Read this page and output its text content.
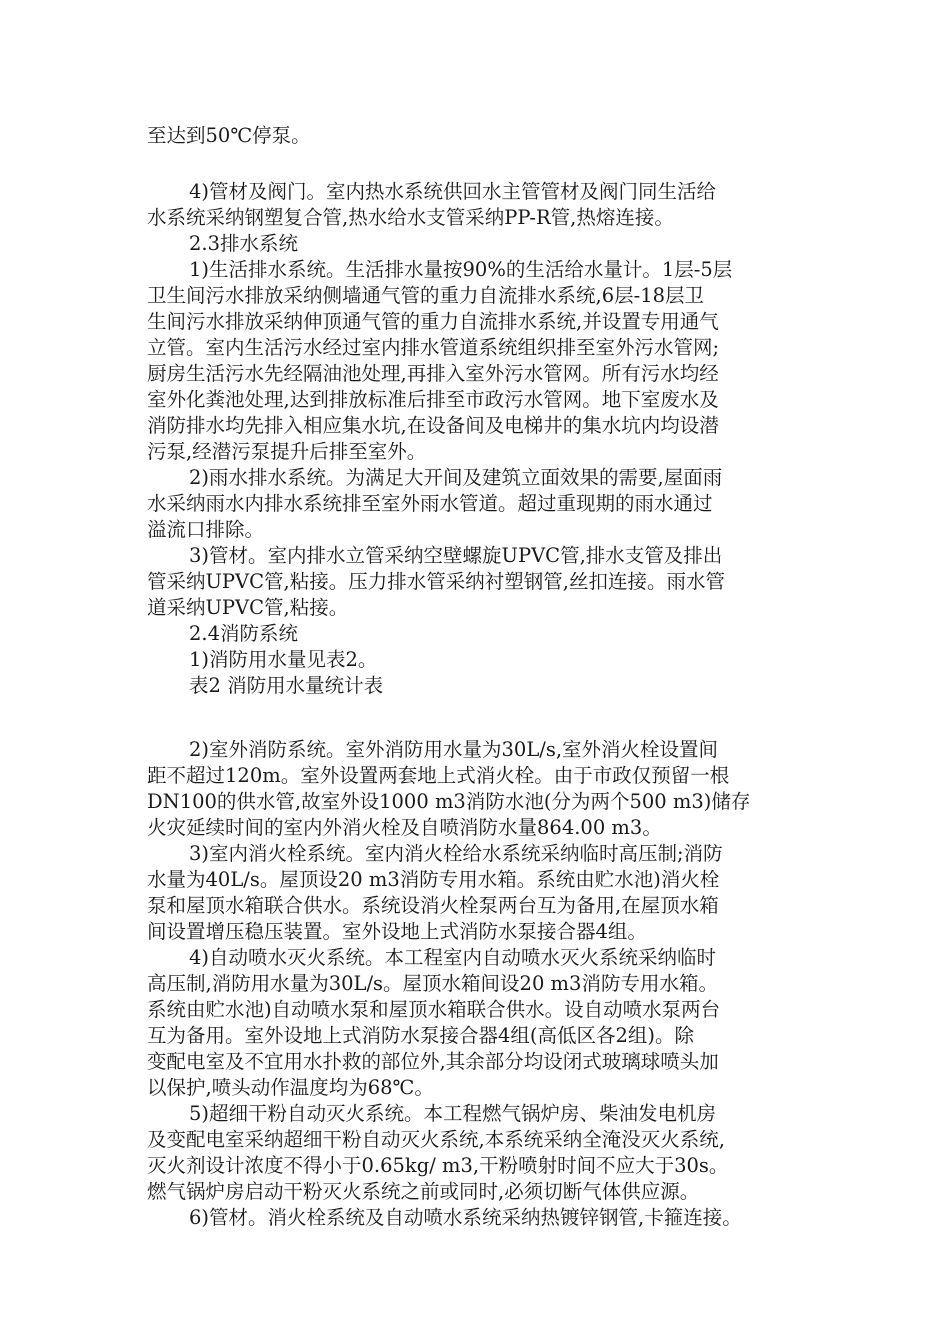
至达到50℃停泵。
4)管材及阀门。室内热水系统供回水主管管材及阀门同生活给
水系统采纳钢塑复合管,热水给水支管采纳PP-R管,热熔连接。
2.3排水系统
1)生活排水系统。生活排水量按90%的生活给水量计。1层-5层
卫生间污水排放采纳侧墙通气管的重力自流排水系统,6层-18层卫
生间污水排放采纳伸顶通气管的重力自流排水系统,并设置专用通气
立管。室内生活污水经过室内排水管道系统组织排至室外污水管网;
厨房生活污水先经隔油池处理,再排入室外污水管网。所有污水均经
室外化粪池处理,达到排放标准后排至市政污水管网。地下室废水及
消防排水均先排入相应集水坑,在设备间及电梯井的集水坑内均设潜
污泵,经潜污泵提升后排至室外。
2)雨水排水系统。为满足大开间及建筑立面效果的需要,屋面雨
水采纳雨水内排水系统排至室外雨水管道。超过重现期的雨水通过
溢流口排除。
3)管材。室内排水立管采纳空壁螺旋UPVC管,排水支管及排出
管采纳UPVC管,粘接。压力排水管采纳衬塑钢管,丝扣连接。雨水管
道采纳UPVC管,粘接。
2.4消防系统
1)消防用水量见表2。
表2 消防用水量统计表
2)室外消防系统。室外消防用水量为30L/s,室外消火栓设置间
距不超过120m。室外设置两套地上式消火栓。由于市政仅预留一根
DN100的供水管,故室外设1000 m3消防水池(分为两个500 m3)储存
火灾延续时间的室内外消火栓及自喷消防水量864.00 m3。
3)室内消火栓系统。室内消火栓给水系统采纳临时高压制;消防
水量为40L/s。屋顶设20 m3消防专用水箱。系统由贮水池)消火栓
泵和屋顶水箱联合供水。系统设消火栓泵两台互为备用,在屋顶水箱
间设置增压稳压装置。室外设地上式消防水泵接合器4组。
4)自动喷水灭火系统。本工程室内自动喷水灭火系统采纳临时
高压制,消防用水量为30L/s。屋顶水箱间设20 m3消防专用水箱。
系统由贮水池)自动喷水泵和屋顶水箱联合供水。设自动喷水泵两台
互为备用。室外设地上式消防水泵接合器4组(高低区各2组)。除
变配电室及不宜用水扑救的部位外,其余部分均设闭式玻璃球喷头加
以保护,喷头动作温度均为68℃。
5)超细干粉自动灭火系统。本工程燃气锅炉房、柴油发电机房
及变配电室采纳超细干粉自动灭火系统,本系统采纳全淹没灭火系统,
灭火剂设计浓度不得小于0.65kg/ m3,干粉喷射时间不应大于30s。
燃气锅炉房启动干粉灭火系统之前或同时,必须切断气体供应源。
6)管材。消火栓系统及自动喷水系统采纳热镀锌钢管,卡箍连接。
